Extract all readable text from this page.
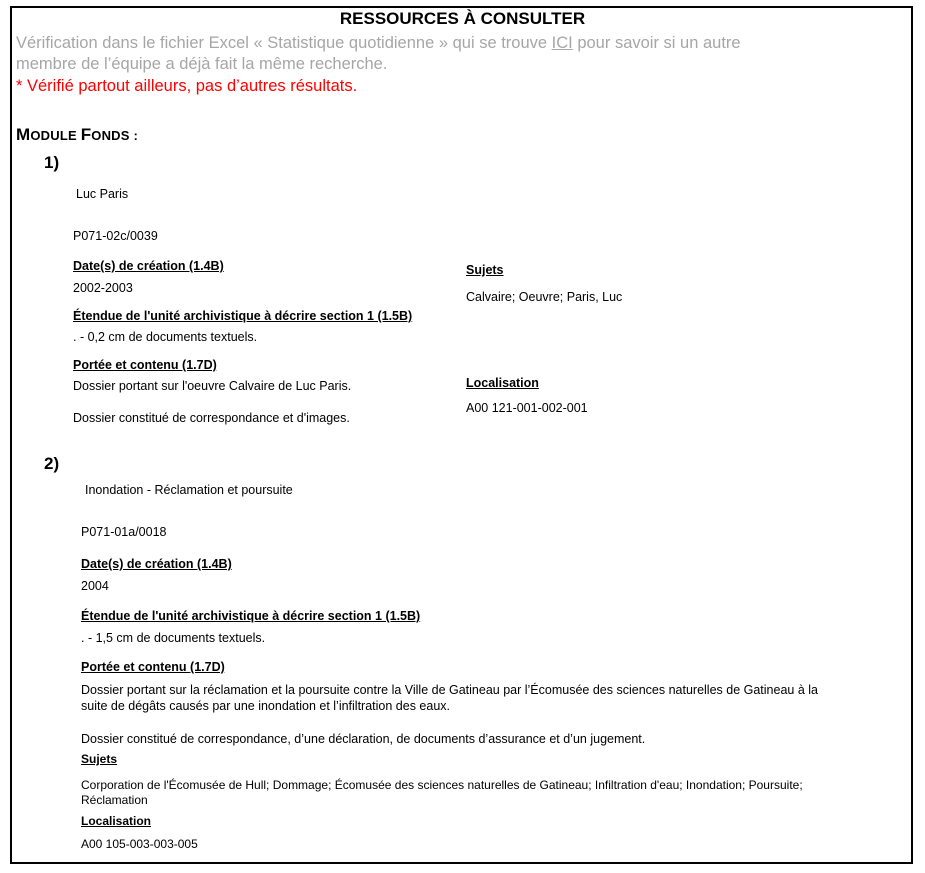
RESSOURCES À CONSULTER
Vérification dans le fichier Excel « Statistique quotidienne » qui se trouve ICI pour savoir si un autre
membre de l’équipe a déjà fait la même recherche.
* Vérifié partout ailleurs, pas d’autres résultats.
MODULE FONDS :
1)
Luc Paris
P071-02c/0039
Date(s) de création (1.4B)
2002-2003
Étendue de l'unité archivistique à décrire section 1 (1.5B)
. - 0,2 cm de documents textuels.
Portée et contenu (1.7D)
Dossier portant sur l'oeuvre Calvaire de Luc Paris.
Dossier constitué de correspondance et d'images.
Sujets
Calvaire; Oeuvre; Paris, Luc
Localisation
A00 121-001-002-001
2)
Inondation - Réclamation et poursuite
P071-01a/0018
Date(s) de création (1.4B)
2004
Étendue de l'unité archivistique à décrire section 1 (1.5B)
. - 1,5 cm de documents textuels.
Portée et contenu (1.7D)
Dossier portant sur la réclamation et la poursuite contre la Ville de Gatineau par l’Écomusée des sciences naturelles de Gatineau à la
suite de dégâts causés par une inondation et l’infiltration des eaux.
Dossier constitué de correspondance, d’une déclaration, de documents d’assurance et d’un jugement.
Sujets
Corporation de l'Écomusée de Hull; Dommage; Écomusée des sciences naturelles de Gatineau; Infiltration d'eau; Inondation; Poursuite;
Réclamation
Localisation
A00 105-003-003-005
